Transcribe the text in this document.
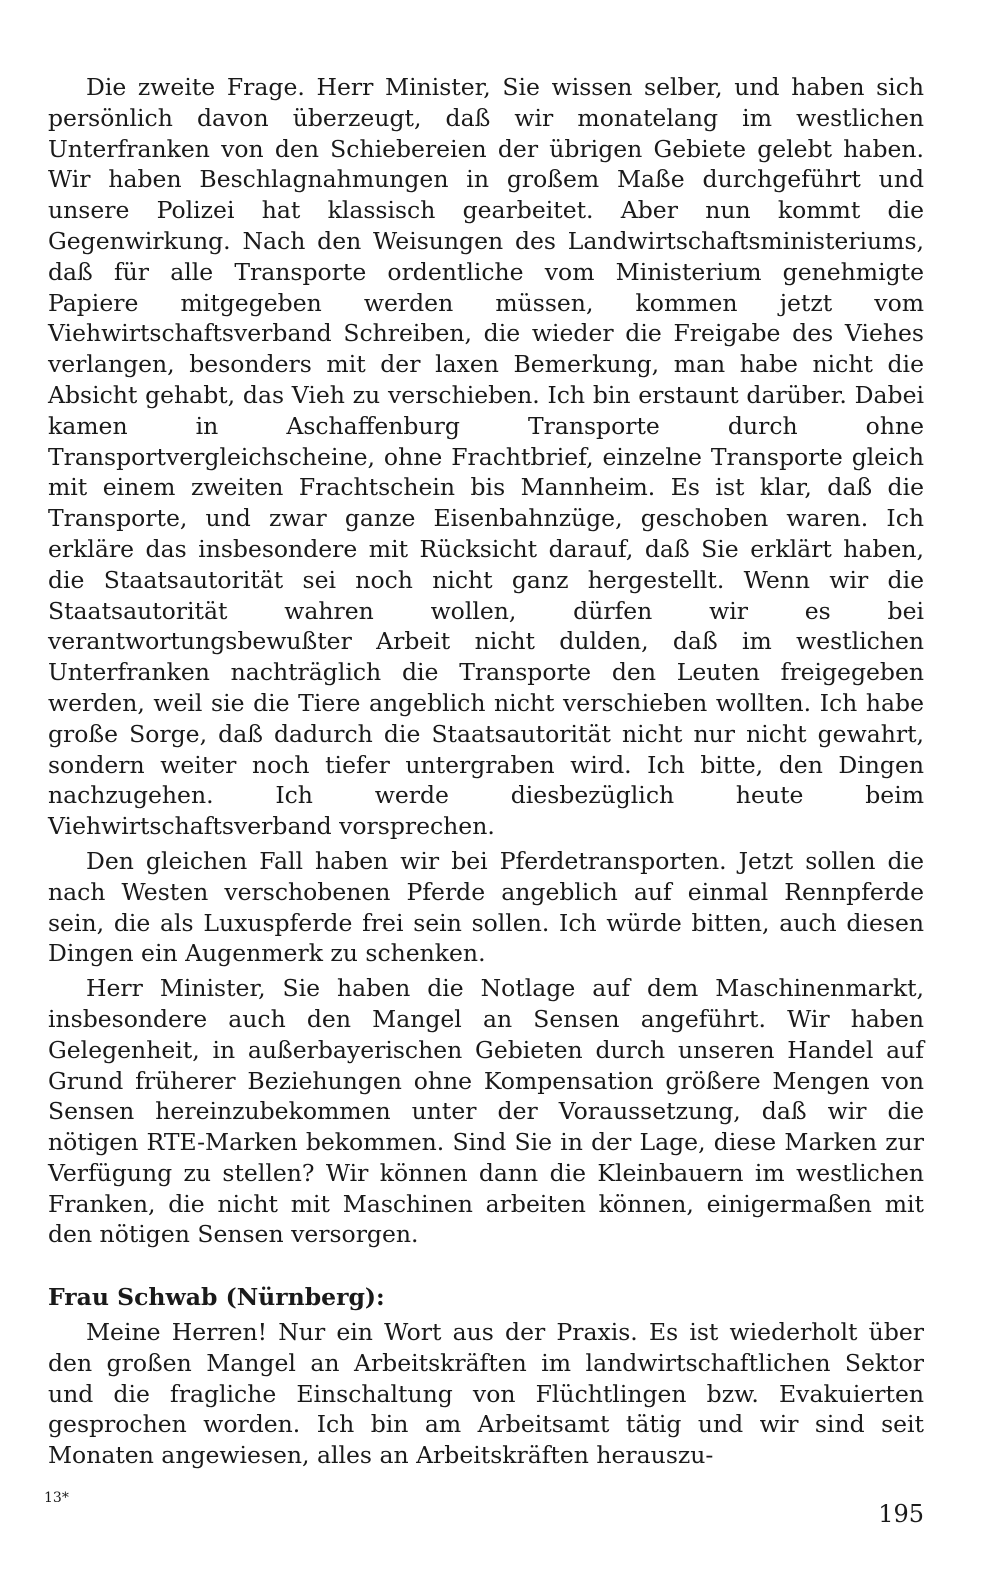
Die zweite Frage. Herr Minister, Sie wissen selber, und haben sich persönlich davon überzeugt, daß wir monatelang im westlichen Unterfranken von den Schiebereien der übrigen Gebiete gelebt haben. Wir haben Beschlagnahmungen in großem Maße durchgeführt und unsere Polizei hat klassisch gearbeitet. Aber nun kommt die Gegenwirkung. Nach den Weisungen des Landwirtschaftsministeriums, daß für alle Transporte ordentliche vom Ministerium genehmigte Papiere mitgegeben werden müssen, kommen jetzt vom Viehwirtschaftsverband Schreiben, die wieder die Freigabe des Viehes verlangen, besonders mit der laxen Bemerkung, man habe nicht die Absicht gehabt, das Vieh zu verschieben. Ich bin erstaunt darüber. Dabei kamen in Aschaffenburg Transporte durch ohne Transportvergleichscheine, ohne Frachtbrief, einzelne Transporte gleich mit einem zweiten Frachtschein bis Mannheim. Es ist klar, daß die Transporte, und zwar ganze Eisenbahnzüge, geschoben waren. Ich erkläre das insbesondere mit Rücksicht darauf, daß Sie erklärt haben, die Staatsautorität sei noch nicht ganz hergestellt. Wenn wir die Staatsautorität wahren wollen, dürfen wir es bei verantwortungsbewußter Arbeit nicht dulden, daß im westlichen Unterfranken nachträglich die Transporte den Leuten freigegeben werden, weil sie die Tiere angeblich nicht verschieben wollten. Ich habe große Sorge, daß dadurch die Staatsautorität nicht nur nicht gewahrt, sondern weiter noch tiefer untergraben wird. Ich bitte, den Dingen nachzugehen. Ich werde diesbezüglich heute beim Viehwirtschaftsverband vorsprechen.

Den gleichen Fall haben wir bei Pferdetransporten. Jetzt sollen die nach Westen verschobenen Pferde angeblich auf einmal Rennpferde sein, die als Luxuspferde frei sein sollen. Ich würde bitten, auch diesen Dingen ein Augenmerk zu schenken.

Herr Minister, Sie haben die Notlage auf dem Maschinenmarkt, insbesondere auch den Mangel an Sensen angeführt. Wir haben Gelegenheit, in außerbayerischen Gebieten durch unseren Handel auf Grund früherer Beziehungen ohne Kompensation größere Mengen von Sensen hereinzubekommen unter der Voraussetzung, daß wir die nötigen RTE-Marken bekommen. Sind Sie in der Lage, diese Marken zur Verfügung zu stellen? Wir können dann die Kleinbauern im westlichen Franken, die nicht mit Maschinen arbeiten können, einigermaßen mit den nötigen Sensen versorgen.

Frau Schwab (Nürnberg):

Meine Herren! Nur ein Wort aus der Praxis. Es ist wiederholt über den großen Mangel an Arbeitskräften im landwirtschaftlichen Sektor und die fragliche Einschaltung von Flüchtlingen bzw. Evakuierten gesprochen worden. Ich bin am Arbeitsamt tätig und wir sind seit Monaten angewiesen, alles an Arbeitskräften herauszu-

13*
195
